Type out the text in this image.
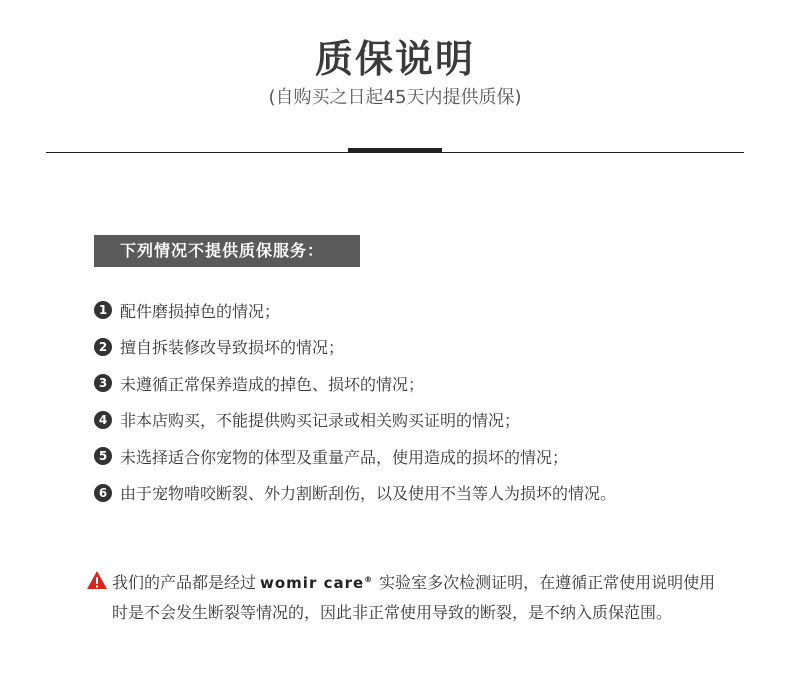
质保说明
(自购买之日起45天内提供质保)
下列情况不提供质保服务：
1 配件磨损掉色的情况；
2 擅自拆装修改导致损坏的情况；
3 未遵循正常保养造成的掉色、损坏的情况；
4 非本店购买，不能提供购买记录或相关购买证明的情况；
5 未选择适合你宠物的体型及重量产品，使用造成的损坏的情况；
6 由于宠物啃咬断裂、外力割断刮伤，以及使用不当等人为损坏的情况。
我们的产品都是经过 womir care® 实验室多次检测证明，在遵循正常使用说明使用时是不会发生断裂等情况的，因此非正常使用导致的断裂，是不纳入质保范围。
